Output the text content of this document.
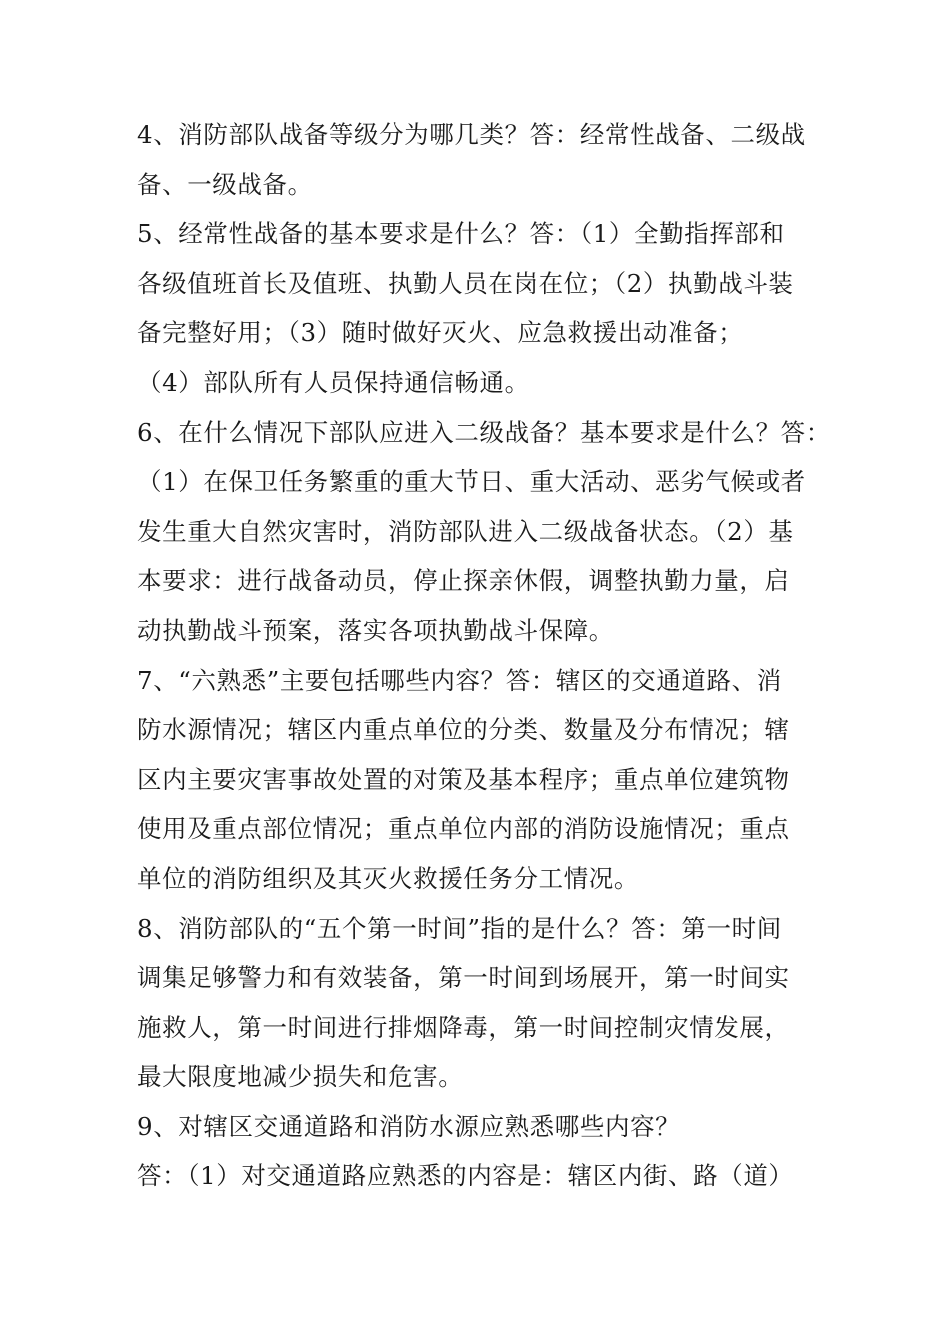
4、消防部队战备等级分为哪几类？答：经常性战备、二级战
备、一级战备。
5、经常性战备的基本要求是什么？答：（1）全勤指挥部和
各级值班首长及值班、执勤人员在岗在位；（2）执勤战斗装
备完整好用；（3）随时做好灭火、应急救援出动准备；
（4）部队所有人员保持通信畅通。
6、在什么情况下部队应进入二级战备？基本要求是什么？答：
（1）在保卫任务繁重的重大节日、重大活动、恶劣气候或者
发生重大自然灾害时，消防部队进入二级战备状态。（2）基
本要求：进行战备动员，停止探亲休假，调整执勤力量，启
动执勤战斗预案，落实各项执勤战斗保障。
7、“六熟悉”主要包括哪些内容？答：辖区的交通道路、消
防水源情况；辖区内重点单位的分类、数量及分布情况；辖
区内主要灾害事故处置的对策及基本程序；重点单位建筑物
使用及重点部位情况；重点单位内部的消防设施情况；重点
单位的消防组织及其灭火救援任务分工情况。
8、消防部队的“五个第一时间”指的是什么？答：第一时间
调集足够警力和有效装备，第一时间到场展开，第一时间实
施救人，第一时间进行排烟降毒，第一时间控制灾情发展，
最大限度地减少损失和危害。
9、对辖区交通道路和消防水源应熟悉哪些内容？
答：（1）对交通道路应熟悉的内容是：辖区内街、路（道）
